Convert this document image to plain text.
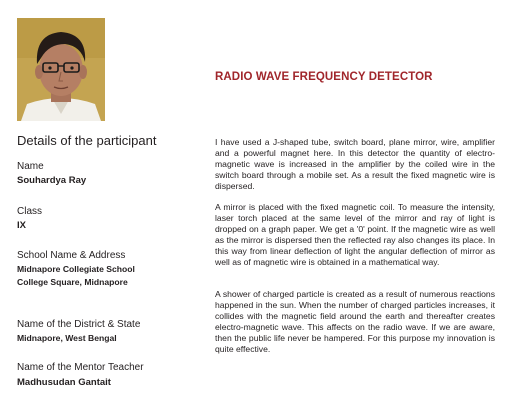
RADIO WAVE FREQUENCY DETECTOR
Details of the participant
Name
Souhardya Ray
Class
IX
School Name & Address
Midnapore Collegiate School
College Square, Midnapore
Name of the District & State
Midnapore, West Bengal
Name of the Mentor Teacher
Madhusudan Gantait

I have used a J-shaped tube, switch board, plane mirror, wire, amplifier and a powerful magnet here. In this detector the quantity of electro-magnetic wave is increased in the amplifier by the coiled wire in the switch board through a mobile set. As a result the fixed magnetic wire is dispersed.

A mirror is placed with the fixed magnetic coil. To measure the intensity, laser torch placed at the same level of the mirror and ray of light is dropped on a graph paper. We get a '0' point. If the magnetic wire as well as the mirror is dispersed then the reflected ray also changes its place. In this way from linear deflection of light the angular deflection of mirror as well as of magnetic wire is obtained in a mathematical way.

A shower of charged particle is created as a result of numerous reactions happened in the sun. When the number of charged particles increases, it collides with the magnetic field around the earth and thereafter creates electro-magnetic wave. This affects on the radio wave. If we are aware, then the public life never be hampered. For this purpose my innovation is quite effective.
